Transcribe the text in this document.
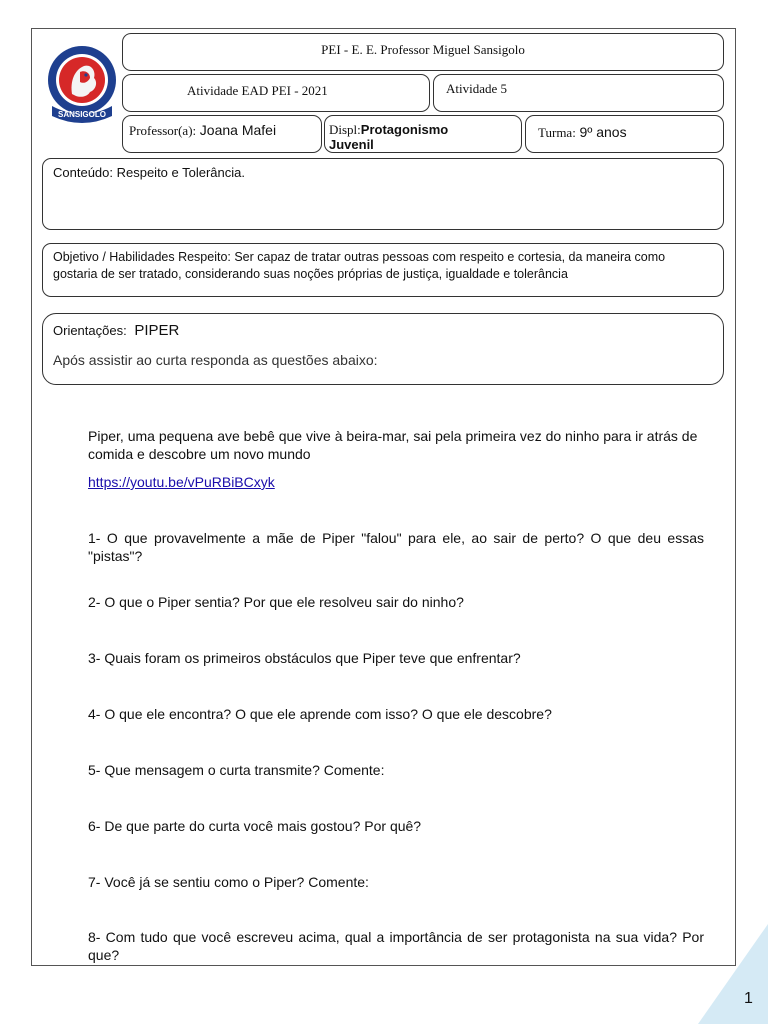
SANSIGOLO
PEI - E. E. Professor Miguel Sansigolo
Atividade EAD PEI - 2021	Atividade 5
Professor(a): Joana Mafei	Displ:Protagonismo
Juvenil
Turma: 9º anos
Conteúdo: Respeito e Tolerância.
Objetivo / Habilidades Respeito: Ser capaz de tratar outras pessoas com respeito e cortesia, da maneira como gostaria de ser tratado, considerando suas noções próprias de justiça, igualdade e tolerância
Orientações: PIPER
Após assistir ao curta responda as questões abaixo:
Piper, uma pequena ave bebê que vive à beira-mar, sai pela primeira vez do ninho para ir atrás de comida e descobre um novo mundo
https://youtu.be/vPuRBiBCxyk
1- O que provavelmente a mãe de Piper "falou" para ele, ao sair de perto? O que deu essas "pistas"?
2- O que o Piper sentia? Por que ele resolveu sair do ninho?
3- Quais foram os primeiros obstáculos que Piper teve que enfrentar?
4- O que ele encontra? O que ele aprende com isso? O que ele descobre?
5- Que mensagem o curta transmite? Comente:
6- De que parte do curta você mais gostou? Por quê?
7- Você já se sentiu como o Piper? Comente:
8- Com tudo que você escreveu acima, qual a importância de ser protagonista na sua vida? Por que?
1
